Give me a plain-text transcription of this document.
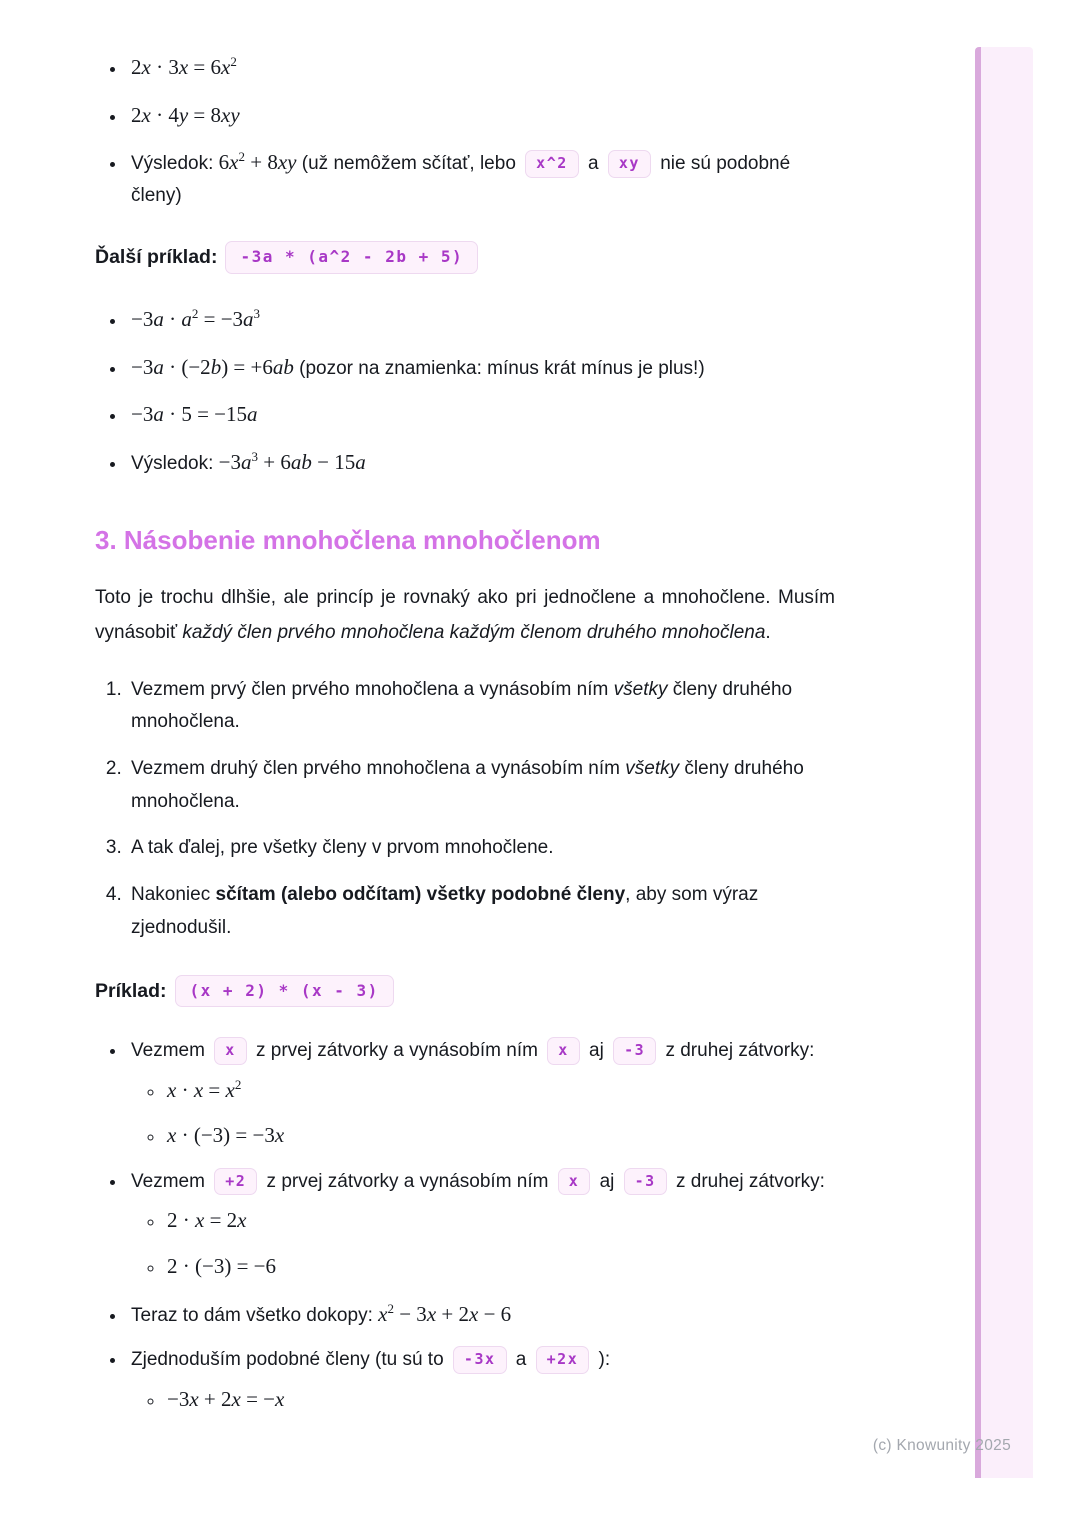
• $2x \cdot 3x = 6x^2$
• 2x · 4y = 8xy
• Výsledok: $6x^2 + 8xy$ (už nemôžem sčítať, lebo x^2 a xy nie sú podobné členy)

Ďalší príklad: -3a * (a^2 - 2b + 5)

• $-3a \cdot a^2 = -3a^3$
• −3a · (−2b) = +6ab (pozor na znamienka: mínus krát mínus je plus!)
• −3a · 5 = −15a
• Výsledok: $-3a^3 + 6ab - 15a$
3. Násobenie mnohočlena mnohočlenom

Toto je trochu dlhšie, ale princíp je rovnaký ako pri jednočlene a mnohočlene. Musím vynásobiť každý člen prvého mnohočlena každým členom druhého mnohočlena.

1. Vezmem prvý člen prvého mnohočlena a vynásobím ním všetky členy druhého mnohočlena.
2. Vezmem druhý člen prvého mnohočlena a vynásobím ním všetky členy druhého mnohočlena.
3. A tak ďalej, pre všetky členy v prvom mnohočlene.
4. Nakoniec sčítam (alebo odčítam) všetky podobné členy, aby som výraz zjednodušil.

Príklad: (x + 2) * (x - 3)

• Vezmem x z prvej zátvorky a vynásobím ním x aj -3 z druhej zátvorky:
◦ $x \cdot x = x^2$
◦ x · (−3) = −3x
• Vezmem +2 z prvej zátvorky a vynásobím ním x aj -3 z druhej zátvorky:
◦ 2 · x = 2x
◦ 2 · (−3) = −6
• Teraz to dám všetko dokopy: $x^2 - 3x + 2x - 6$
• Zjednoduším podobné členy (tu sú to -3x a +2x ):
◦ −3x + 2x = −x
(c) Knowunity 2025
